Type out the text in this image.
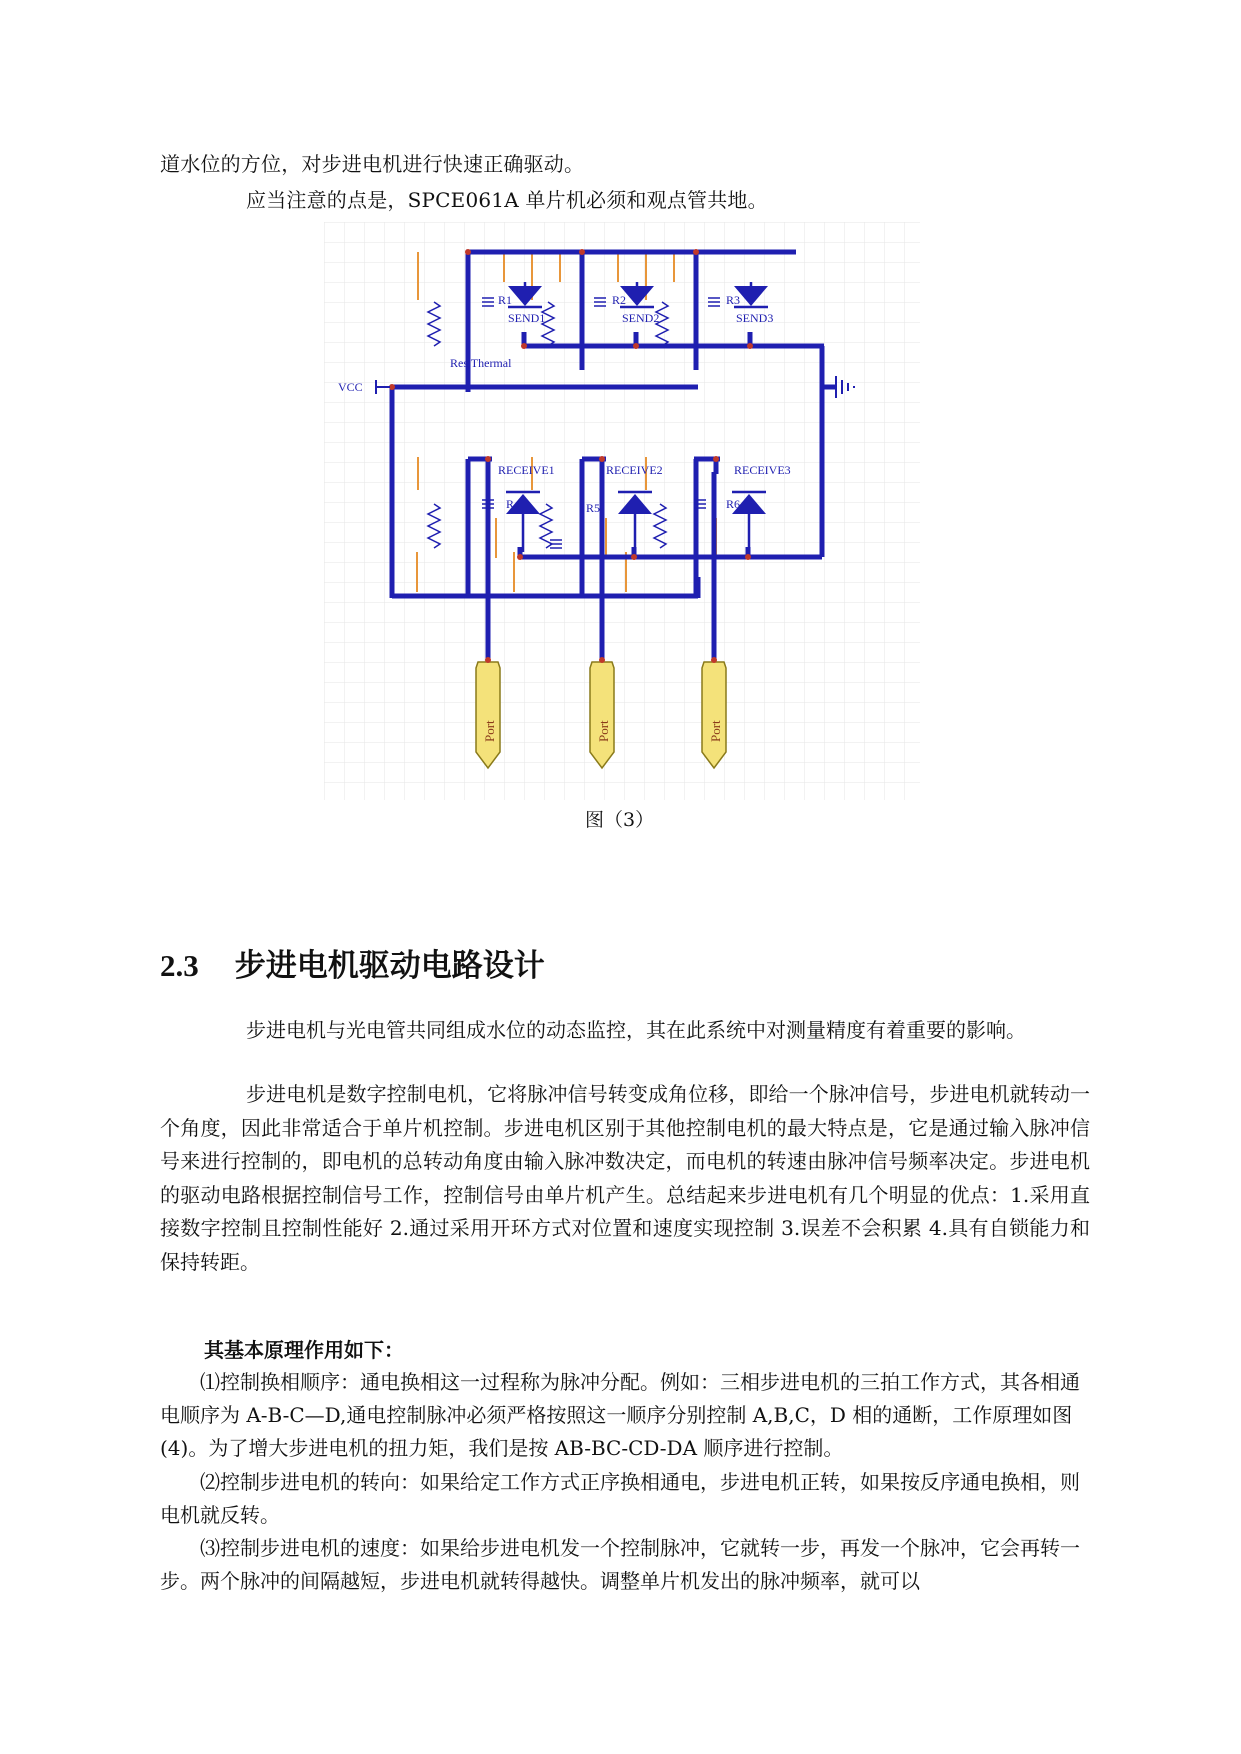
道水位的方位，对步进电机进行快速正确驱动。
应当注意的点是，SPCE061A 单片机必须和观点管共地。
VCC
Res Thermal
SEND1	SEND2	SEND3
RECEIVE1	RECEIVE2	RECEIVE3
R1	R2	R3
R4	R5	R6
Port	Port	Port
图（3）
2.3 步进电机驱动电路设计
步进电机与光电管共同组成水位的动态监控，其在此系统中对测量精度有着重要的影响。
步进电机是数字控制电机，它将脉冲信号转变成角位移，即给一个脉冲信号，步进电机就转动一个角度，因此非常适合于单片机控制。步进电机区别于其他控制电机的最大特点是，它是通过输入脉冲信号来进行控制的，即电机的总转动角度由输入脉冲数决定，而电机的转速由脉冲信号频率决定。步进电机的驱动电路根据控制信号工作，控制信号由单片机产生。总结起来步进电机有几个明显的优点：1.采用直接数字控制且控制性能好 2.通过采用开环方式对位置和速度实现控制 3.误差不会积累 4.具有自锁能力和保持转距。
其基本原理作用如下：
⑴控制换相顺序：通电换相这一过程称为脉冲分配。例如：三相步进电机的三拍工作方式，其各相通电顺序为 A-B-C—D,通电控制脉冲必须严格按照这一顺序分别控制 A,B,C，D 相的通断，工作原理如图(4)。为了增大步进电机的扭力矩，我们是按 AB-BC-CD-DA 顺序进行控制。
⑵控制步进电机的转向：如果给定工作方式正序换相通电，步进电机正转，如果按反序通电换相，则电机就反转。
⑶控制步进电机的速度：如果给步进电机发一个控制脉冲，它就转一步，再发一个脉冲，它会再转一步。两个脉冲的间隔越短，步进电机就转得越快。调整单片机发出的脉冲频率，就可以
